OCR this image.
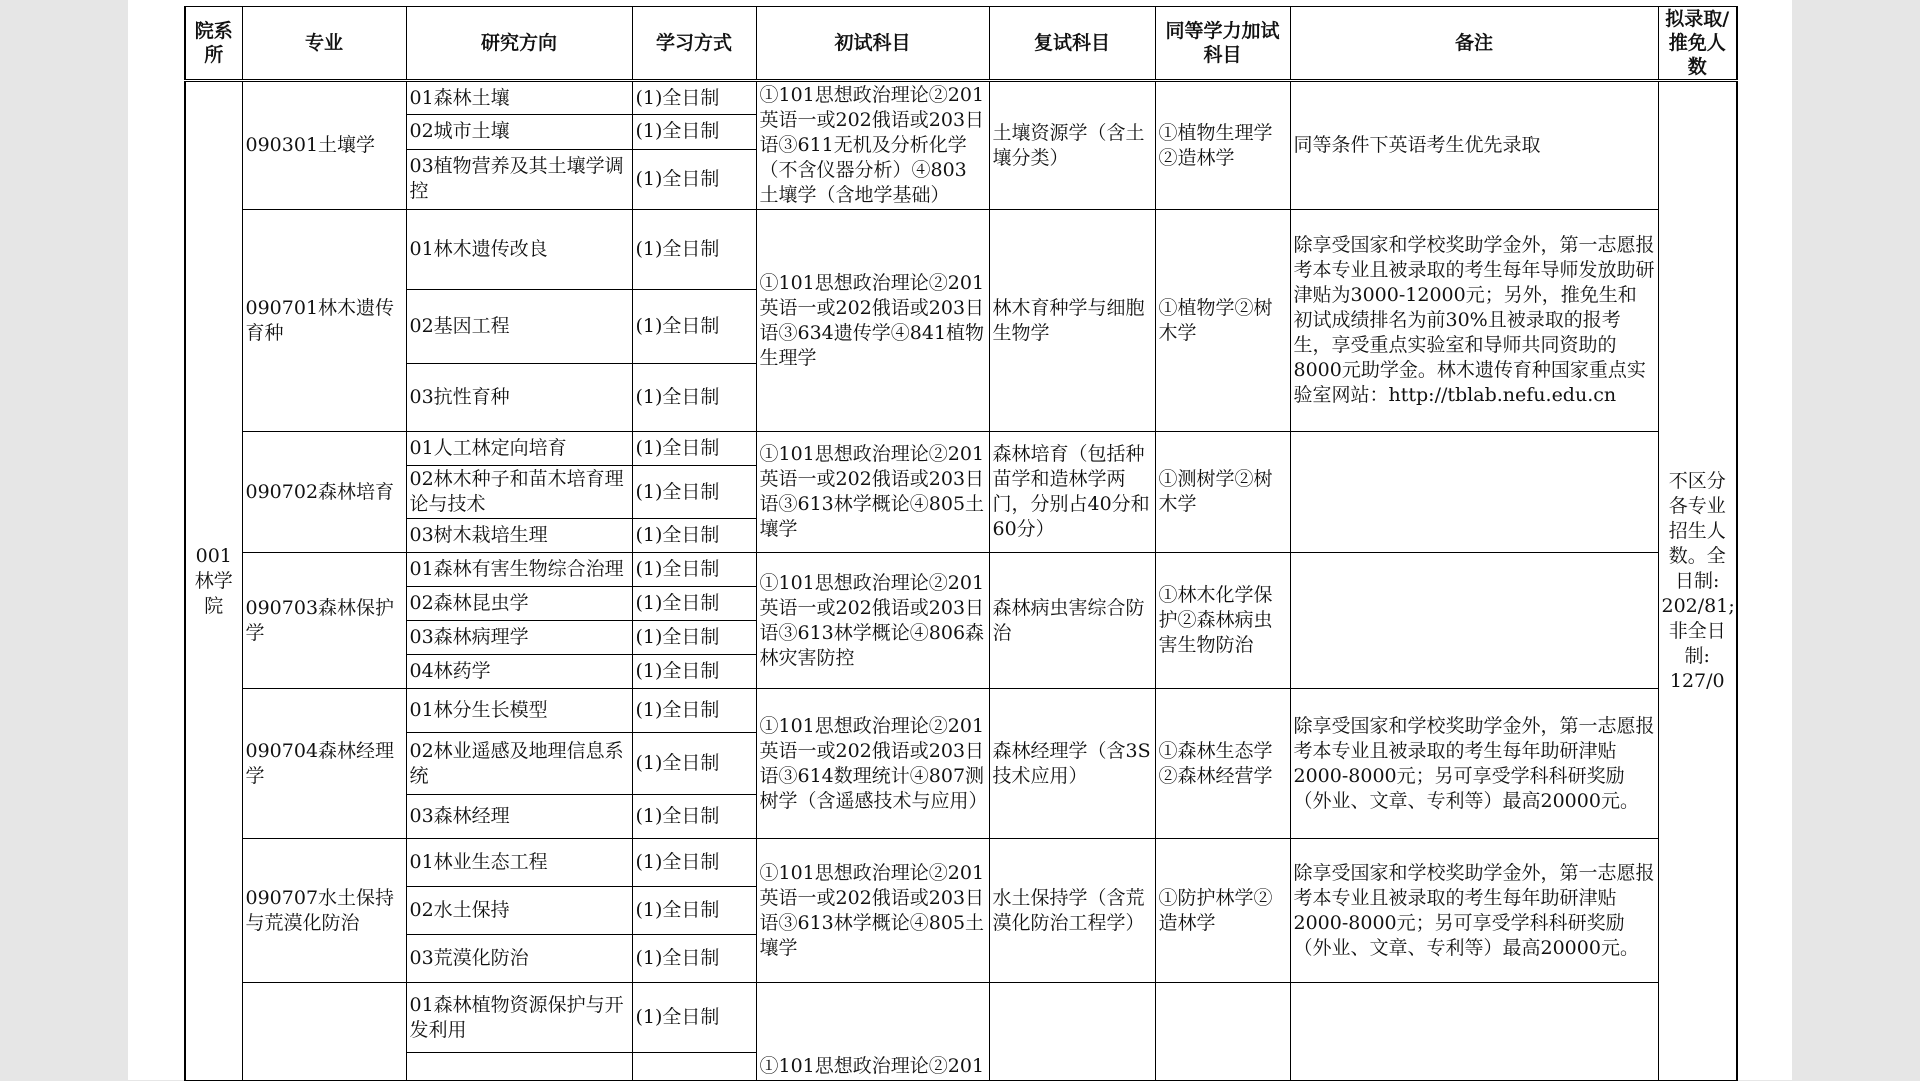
院系所	专业	研究方向	学习方式	初试科目	复试科目	同等学力加试科目	备注	拟录取/推免人数
001林学院	090301土壤学	01森林土壤	(1)全日制	①101思想政治理论②201英语一或202俄语或203日语③611无机及分析化学（不含仪器分析）④803土壤学（含地学基础）	土壤资源学（含土壤分类）	①植物生理学②造林学	同等条件下英语考生优先录取	不区分各专业招生人数。全日制: 202/81; 非全日制: 127/0
		02城市土壤	(1)全日制					
		03植物营养及其土壤学调控	(1)全日制					
	090701林木遗传育种	01林木遗传改良	(1)全日制	①101思想政治理论②201英语一或202俄语或203日语③634遗传学④841植物生理学	林木育种学与细胞生物学	①植物学②树木学	除享受国家和学校奖助学金外，第一志愿报考本专业且被录取的考生每年导师发放助研津贴为3000-12000元；另外，推免生和初试成绩排名为前30%且被录取的报考生，享受重点实验室和导师共同资助的8000元助学金。林木遗传育种国家重点实验室网站：http://tblab.nefu.edu.cn	
		02基因工程	(1)全日制					
		03抗性育种	(1)全日制					
	090702森林培育	01人工林定向培育	(1)全日制	①101思想政治理论②201英语一或202俄语或203日语③613林学概论④805土壤学	森林培育（包括种苗学和造林学两门，分别占40分和60分）	①测树学②树木学		
		02林木种子和苗木培育理论与技术	(1)全日制					
		03树木栽培生理	(1)全日制					
	090703森林保护学	01森林有害生物综合治理	(1)全日制	①101思想政治理论②201英语一或202俄语或203日语③613林学概论④806森林灾害防控	森林病虫害综合防治	①林木化学保护②森林病虫害生物防治		
		02森林昆虫学	(1)全日制					
		03森林病理学	(1)全日制					
		04林药学	(1)全日制					
	090704森林经理学	01林分生长模型	(1)全日制	①101思想政治理论②201英语一或202俄语或203日语③614数理统计④807测树学（含遥感技术与应用）	森林经理学（含3S技术应用）	①森林生态学②森林经营学	除享受国家和学校奖助学金外，第一志愿报考本专业且被录取的考生每年助研津贴2000-8000元；另可享受学科科研奖励（外业、文章、专利等）最高20000元。	
		02林业遥感及地理信息系统	(1)全日制					
		03森林经理	(1)全日制					
	090707水土保持与荒漠化防治	01林业生态工程	(1)全日制	①101思想政治理论②201英语一或202俄语或203日语③613林学概论④805土壤学	水土保持学（含荒漠化防治工程学）	①防护林学②造林学	除享受国家和学校奖助学金外，第一志愿报考本专业且被录取的考生每年助研津贴2000-8000元；另可享受学科科研奖励（外业、文章、专利等）最高20000元。	
		02水土保持	(1)全日制					
		03荒漠化防治	(1)全日制					
		01森林植物资源保护与开发利用	(1)全日制	①101思想政治理论②201				
